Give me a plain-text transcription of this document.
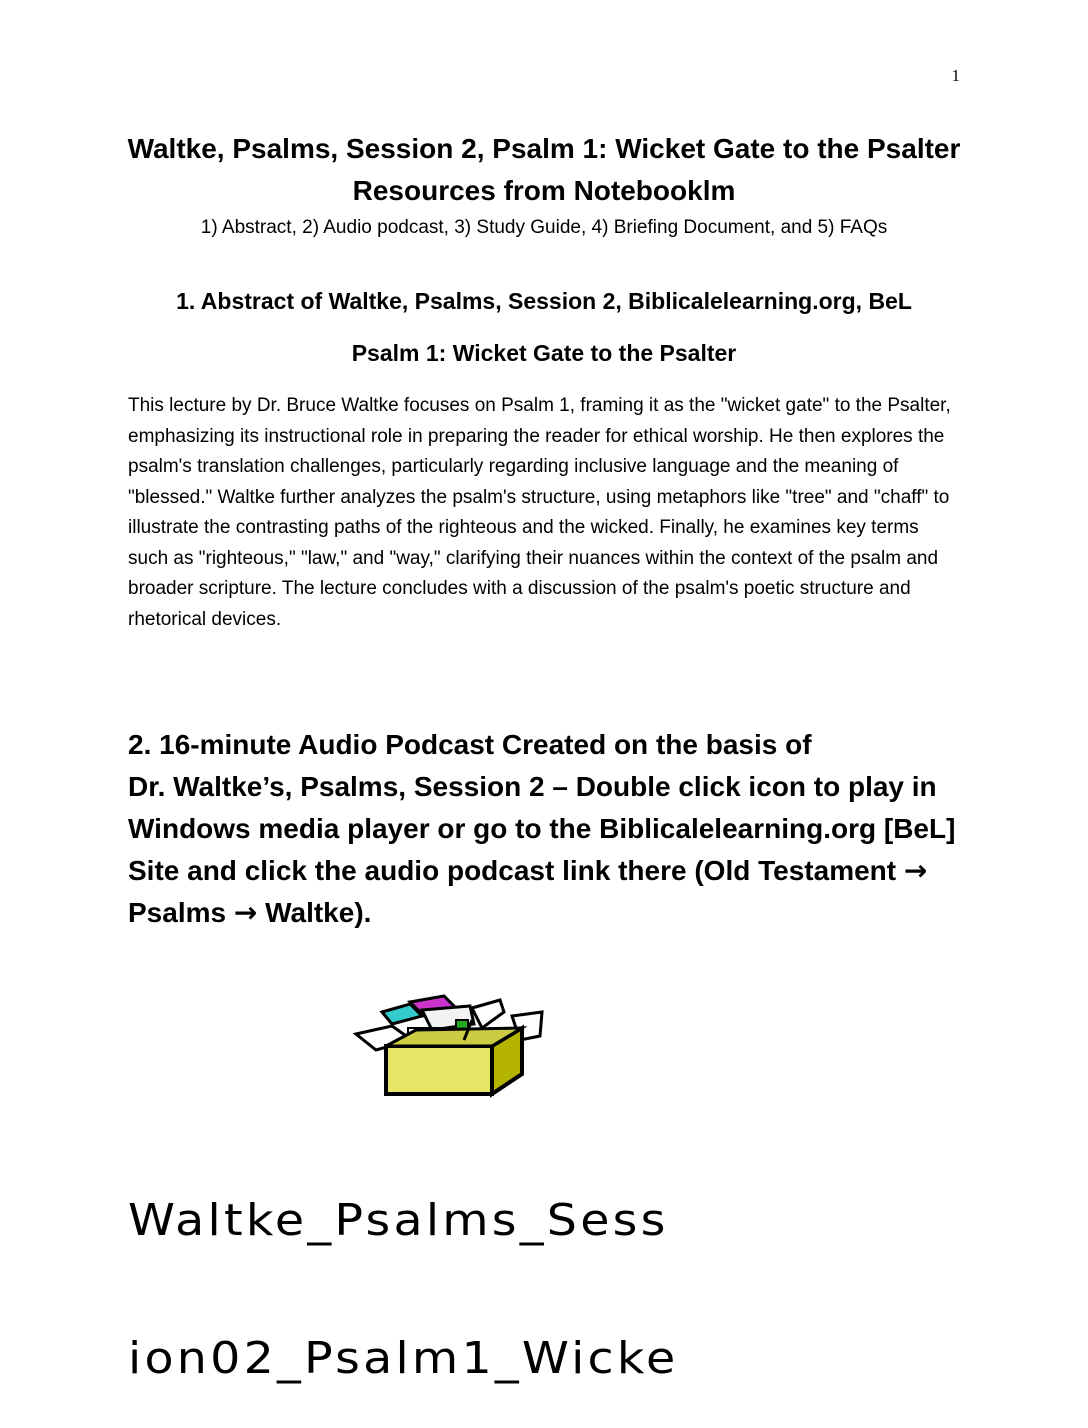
1
Waltke, Psalms, Session 2, Psalm 1: Wicket Gate to the Psalter
Resources from Notebooklm
1) Abstract, 2) Audio podcast, 3) Study Guide, 4) Briefing Document, and 5) FAQs
1. Abstract of Waltke, Psalms, Session 2, Biblicalelearning.org, BeL
Psalm 1: Wicket Gate to the Psalter
This lecture by Dr. Bruce Waltke focuses on Psalm 1, framing it as the "wicket gate" to the Psalter, emphasizing its instructional role in preparing the reader for ethical worship. He then explores the psalm's translation challenges, particularly regarding inclusive language and the meaning of "blessed." Waltke further analyzes the psalm's structure, using metaphors like "tree" and "chaff" to illustrate the contrasting paths of the righteous and the wicked. Finally, he examines key terms such as "righteous," "law," and "way," clarifying their nuances within the context of the psalm and broader scripture. The lecture concludes with a discussion of the psalm's poetic structure and rhetorical devices.
2. 16-minute Audio Podcast Created on the basis of
Dr. Waltke’s, Psalms, Session 2 – Double click icon to play in
Windows media player or go to the Biblicalelearning.org [BeL]
Site and click the audio podcast link there (Old Testament →
Psalms → Waltke).

Waltke_Psalms_Sess

ion02_Psalm1_Wicke
